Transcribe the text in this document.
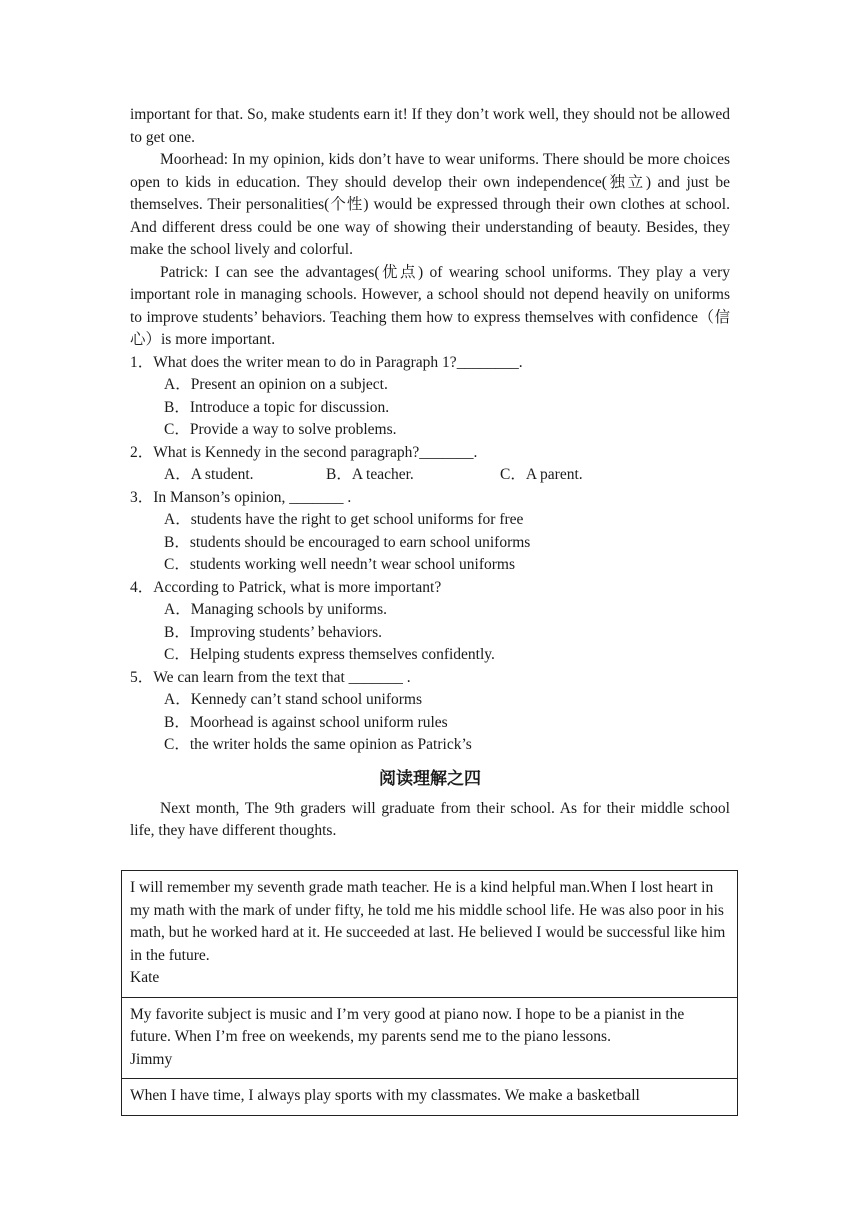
important for that. So, make students earn it! If they don’t work well, they should not be allowed to get one.

Moorhead: In my opinion, kids don’t have to wear uniforms. There should be more choices open to kids in education. They should develop their own independence(独立) and just be themselves. Their personalities(个性) would be expressed through their own clothes at school. And different dress could be one way of showing their understanding of beauty. Besides, they make the school lively and colorful.

Patrick: I can see the advantages(优点) of wearing school uniforms. They play a very important role in managing schools. However, a school should not depend heavily on uniforms to improve students’ behaviors. Teaching them how to express themselves with confidence（信心）is more important.

1．What does the writer mean to do in Paragraph 1?________.

A．Present an opinion on a subject.

B．Introduce a topic for discussion.

C．Provide a way to solve problems.

2．What is Kennedy in the second paragraph?_______.

A．A student.	B．A teacher.	C．A parent.

3．In Manson’s opinion, _______ .

A．students have the right to get school uniforms for free

B．students should be encouraged to earn school uniforms

C．students working well needn’t wear school uniforms

4．According to Patrick, what is more important?

A．Managing schools by uniforms.

B．Improving students’ behaviors.

C．Helping students express themselves confidently.

5．We can learn from the text that _______ .

A．Kennedy can’t stand school uniforms

B．Moorhead is against school uniform rules

C．the writer holds the same opinion as Patrick’s

阅读理解之四

Next month, The 9th graders will graduate from their school. As for their middle school life, they have different thoughts.

I will remember my seventh grade math teacher. He is a kind helpful man.When I lost heart in my math with the mark of under fifty, he told me his middle school life. He was also poor in his math, but he worked hard at it. He succeeded at last. He believed I would be successful like him in the future.
Kate

My favorite subject is music and I’m very good at piano now. I hope to be a pianist in the future. When I’m free on weekends, my parents send me to the piano lessons.
Jimmy

When I have time, I always play sports with my classmates. We make a basketball
